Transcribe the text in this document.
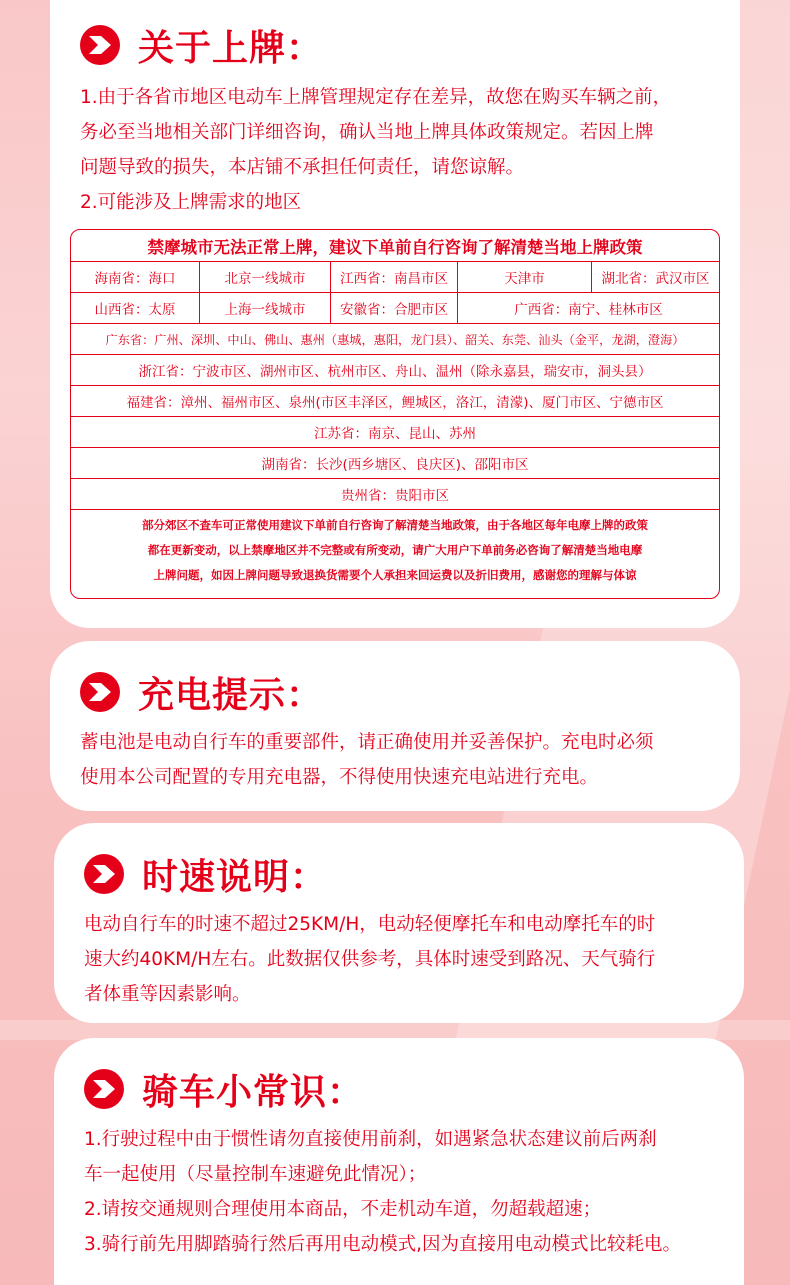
关于上牌：

1.由于各省市地区电动车上牌管理规定存在差异，故您在购买车辆之前，

务必至当地相关部门详细咨询，确认当地上牌具体政策规定。若因上牌

问题导致的损失，本店铺不承担任何责任，请您谅解。

2.可能涉及上牌需求的地区

禁摩城市无法正常上牌，建议下单前自行咨询了解清楚当地上牌政策
海南省：海口	北京一线城市	江西省：南昌市区	天津市	湖北省：武汉市区
山西省：太原	上海一线城市	安徽省：合肥市区	广西省：南宁、桂林市区
广东省：广州、深圳、中山、佛山、惠州（惠城，惠阳，龙门县）、韶关、东莞、汕头（金平，龙湖，澄海）
浙江省：宁波市区、湖州市区、杭州市区、舟山、温州（除永嘉县，瑞安市，洞头县）
福建省：漳州、福州市区、泉州(市区丰泽区，鲤城区，洛江，清濛)、厦门市区、宁德市区
江苏省：南京、昆山、苏州
湖南省：长沙(西乡塘区、良庆区)、邵阳市区
贵州省：贵阳市区
部分郊区不查车可正常使用建议下单前自行咨询了解清楚当地政策，由于各地区每年电摩上牌的政策
都在更新变动，以上禁摩地区并不完整或有所变动，请广大用户下单前务必咨询了解清楚当地电摩
上牌问题，如因上牌问题导致退换货需要个人承担来回运费以及折旧费用，感谢您的理解与体谅
充电提示：

蓄电池是电动自行车的重要部件，请正确使用并妥善保护。充电时必须

使用本公司配置的专用充电器，不得使用快速充电站进行充电。

时速说明：

电动自行车的时速不超过25KM/H，电动轻便摩托车和电动摩托车的时

速大约40KM/H左右。此数据仅供参考，具体时速受到路况、天气骑行

者体重等因素影响。

骑车小常识：

1.行驶过程中由于惯性请勿直接使用前刹，如遇紧急状态建议前后两刹

车一起使用（尽量控制车速避免此情况）；

2.请按交通规则合理使用本商品，不走机动车道，勿超载超速；

3.骑行前先用脚踏骑行然后再用电动模式,因为直接用电动模式比较耗电。
